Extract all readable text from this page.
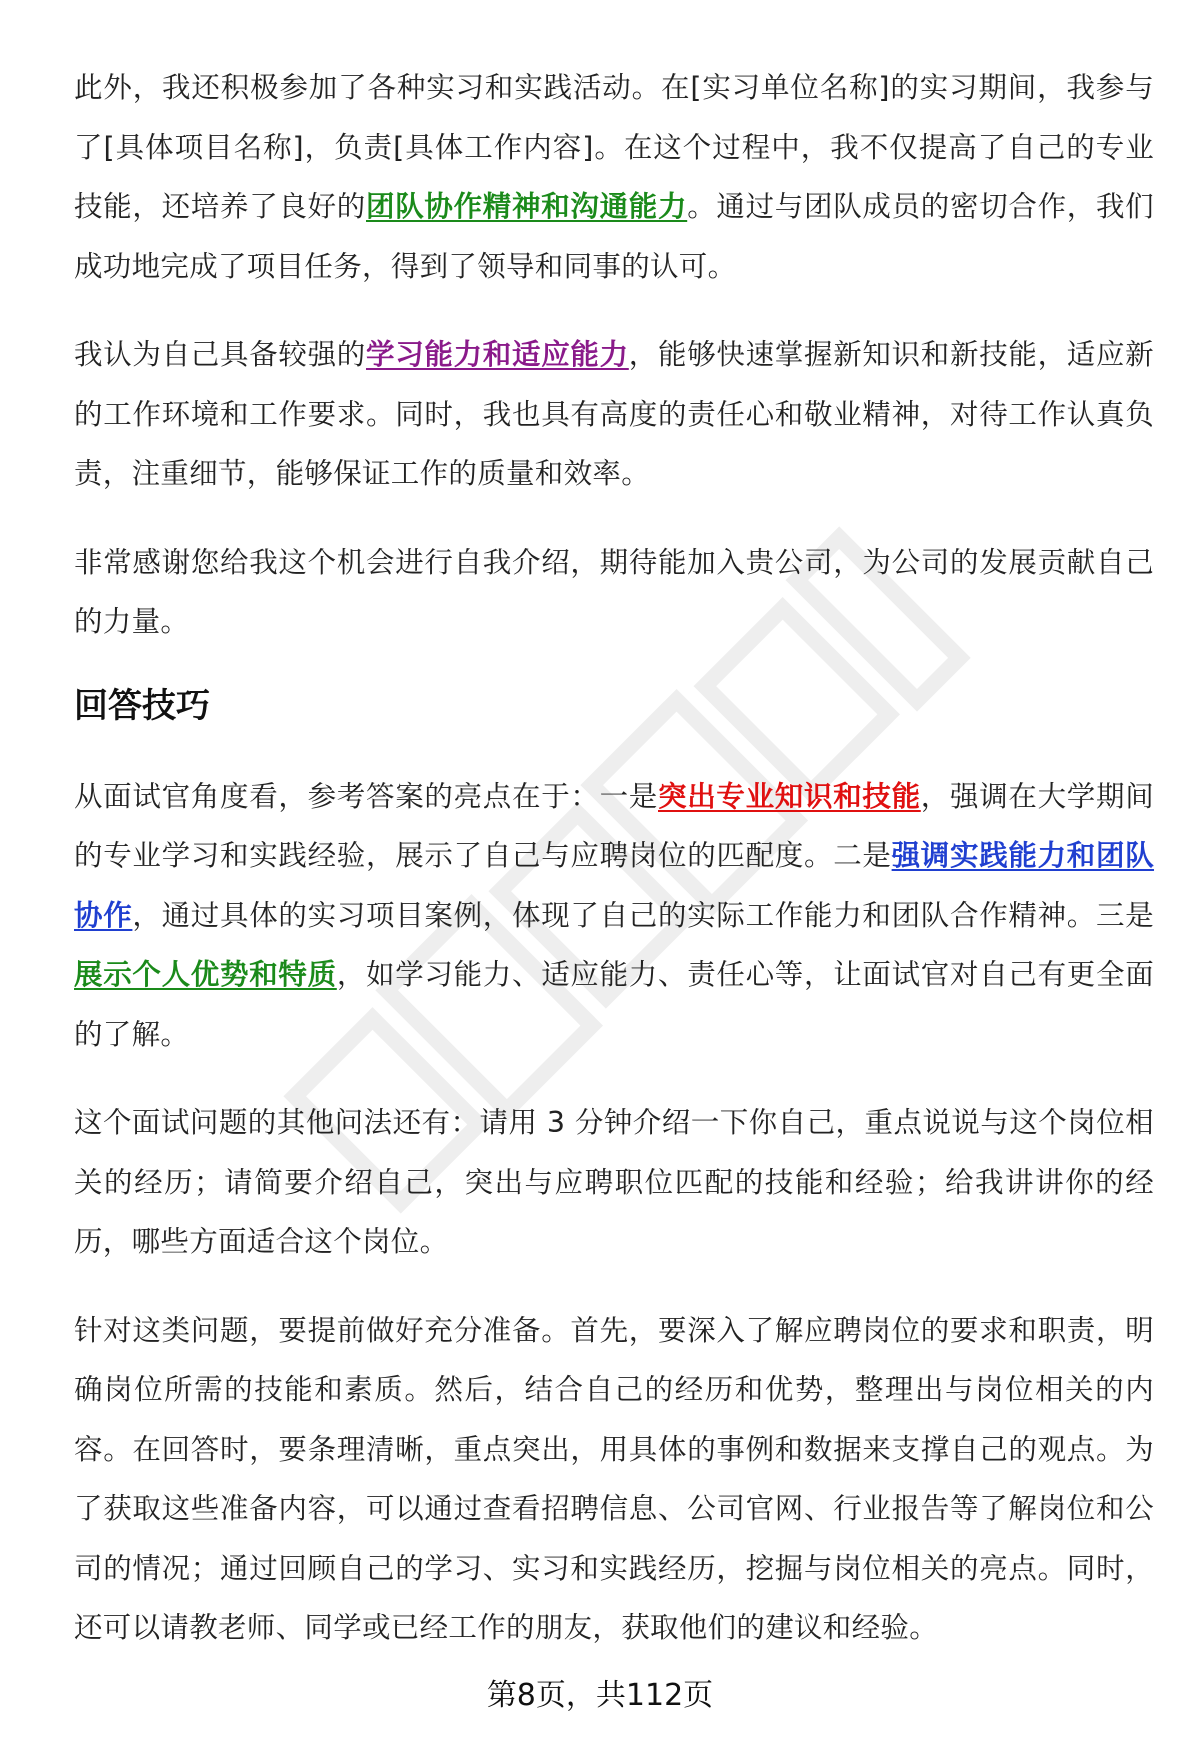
此外，我还积极参加了各种实习和实践活动。在[实习单位名称]的实习期间，我参与了[具体项目名称]，负责[具体工作内容]。在这个过程中，我不仅提高了自己的专业技能，还培养了良好的团队协作精神和沟通能力。通过与团队成员的密切合作，我们成功地完成了项目任务，得到了领导和同事的认可。

我认为自己具备较强的学习能力和适应能力，能够快速掌握新知识和新技能，适应新的工作环境和工作要求。同时，我也具有高度的责任心和敬业精神，对待工作认真负责，注重细节，能够保证工作的质量和效率。

非常感谢您给我这个机会进行自我介绍，期待能加入贵公司，为公司的发展贡献自己的力量。

回答技巧

从面试官角度看，参考答案的亮点在于：一是突出专业知识和技能，强调在大学期间的专业学习和实践经验，展示了自己与应聘岗位的匹配度。二是强调实践能力和团队协作，通过具体的实习项目案例，体现了自己的实际工作能力和团队合作精神。三是展示个人优势和特质，如学习能力、适应能力、责任心等，让面试官对自己有更全面的了解。

这个面试问题的其他问法还有：请用 3 分钟介绍一下你自己，重点说说与这个岗位相关的经历；请简要介绍自己，突出与应聘职位匹配的技能和经验；给我讲讲你的经历，哪些方面适合这个岗位。

针对这类问题，要提前做好充分准备。首先，要深入了解应聘岗位的要求和职责，明确岗位所需的技能和素质。然后，结合自己的经历和优势，整理出与岗位相关的内容。在回答时，要条理清晰，重点突出，用具体的事例和数据来支撑自己的观点。为了获取这些准备内容，可以通过查看招聘信息、公司官网、行业报告等了解岗位和公司的情况；通过回顾自己的学习、实习和实践经历，挖掘与岗位相关的亮点。同时，还可以请教老师、同学或已经工作的朋友，获取他们的建议和经验。

第8页，共112页
